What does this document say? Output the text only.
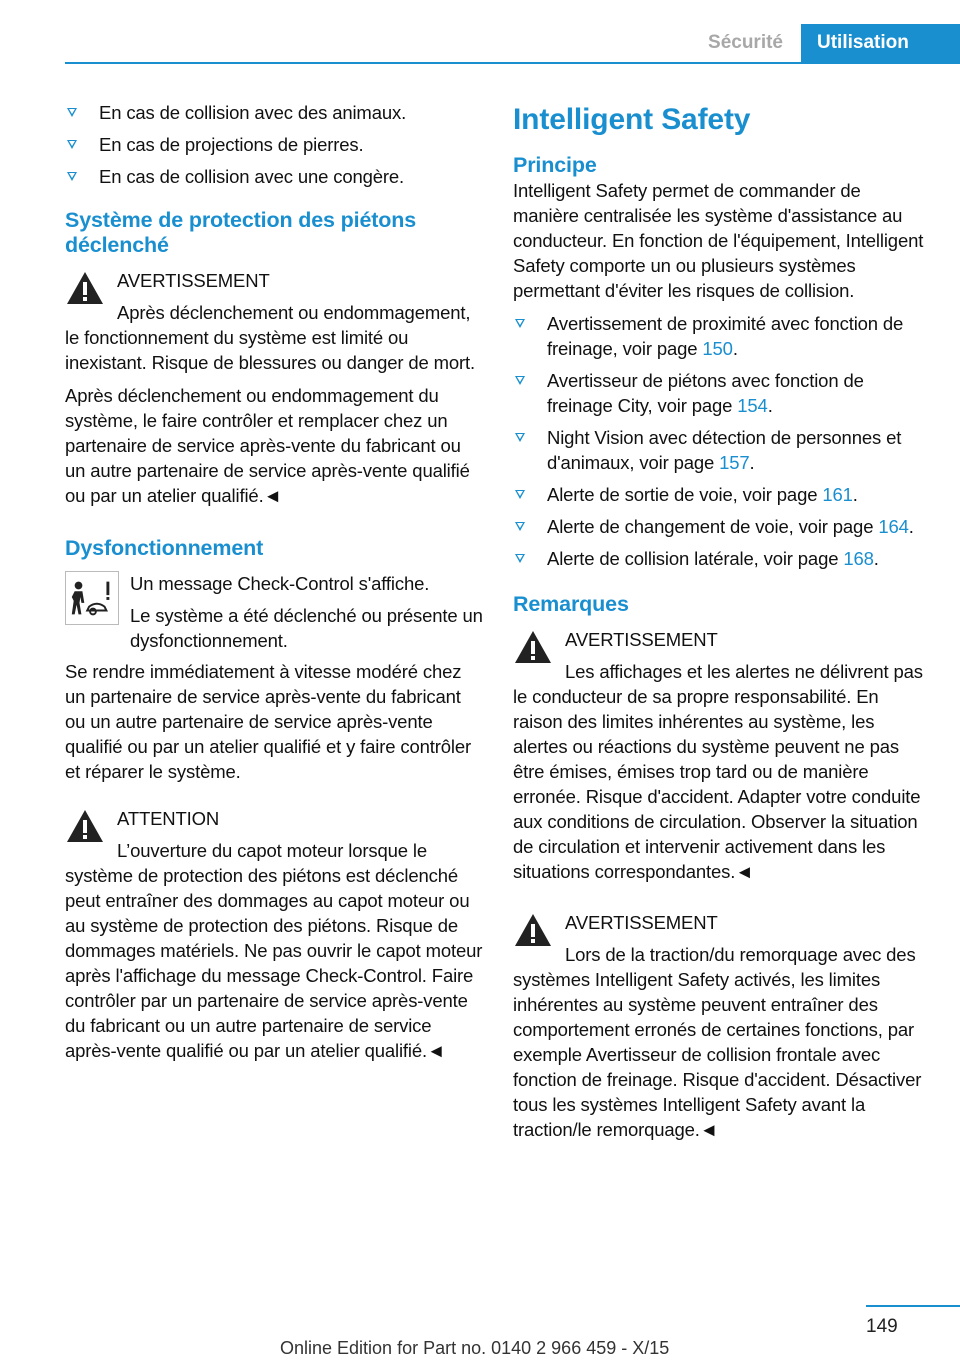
Sécurité	Utilisation
En cas de collision avec des animaux.
En cas de projections de pierres.
En cas de collision avec une congère.
Système de protection des piétons déclenché

AVERTISSEMENT

Après déclenchement ou endommagement, le fonctionnement du système est limité ou inexistant. Risque de blessures ou danger de mort.

Après déclenchement ou endommagement du système, le faire contrôler et remplacer chez un partenaire de service après-vente du fabricant ou un autre partenaire de service après-vente qualifié ou par un atelier qualifié.◄

Dysfonctionnement

Un message Check-Control s'affiche.

Le système a été déclenché ou présente un dysfonctionnement.

Se rendre immédiatement à vitesse modéré chez un partenaire de service après-vente du fabricant ou un autre partenaire de service après-vente qualifié ou par un atelier qualifié et y faire contrôler et réparer le système.

ATTENTION

L’ouverture du capot moteur lorsque le système de protection des piétons est déclenché peut entraîner des dommages au capot moteur ou au système de protection des piétons. Risque de dommages matériels. Ne pas ouvrir le capot moteur après l'affichage du message Check-Control. Faire contrôler par un partenaire de service après-vente du fabricant ou un autre partenaire de service après-vente qualifié ou par un atelier qualifié.◄

Intelligent Safety
Principe

Intelligent Safety permet de commander de manière centralisée les système d'assistance au conducteur. En fonction de l'équipement, Intelligent Safety comporte un ou plusieurs systèmes permettant d'éviter les risques de collision.

Avertissement de proximité avec fonction de freinage, voir page 150.
Avertisseur de piétons avec fonction de freinage City, voir page 154.
Night Vision avec détection de personnes et d'animaux, voir page 157.
Alerte de sortie de voie, voir page 161.
Alerte de changement de voie, voir page 164.
Alerte de collision latérale, voir page 168.
Remarques

AVERTISSEMENT

Les affichages et les alertes ne délivrent pas le conducteur de sa propre responsabilité. En raison des limites inhérentes au système, les alertes ou réactions du système peuvent ne pas être émises, émises trop tard ou de manière erronée. Risque d'accident. Adapter votre conduite aux conditions de circulation. Observer la situation de circulation et intervenir activement dans les situations correspondantes.◄

AVERTISSEMENT

Lors de la traction/du remorquage avec des systèmes Intelligent Safety activés, les limites inhérentes au système peuvent entraîner des comportement erronés de certaines fonctions, par exemple Avertisseur de collision frontale avec fonction de freinage. Risque d'accident. Désactiver tous les systèmes Intelligent Safety avant la traction/le remorquage.◄

149
Online Edition for Part no. 0140 2 966 459 - X/15
